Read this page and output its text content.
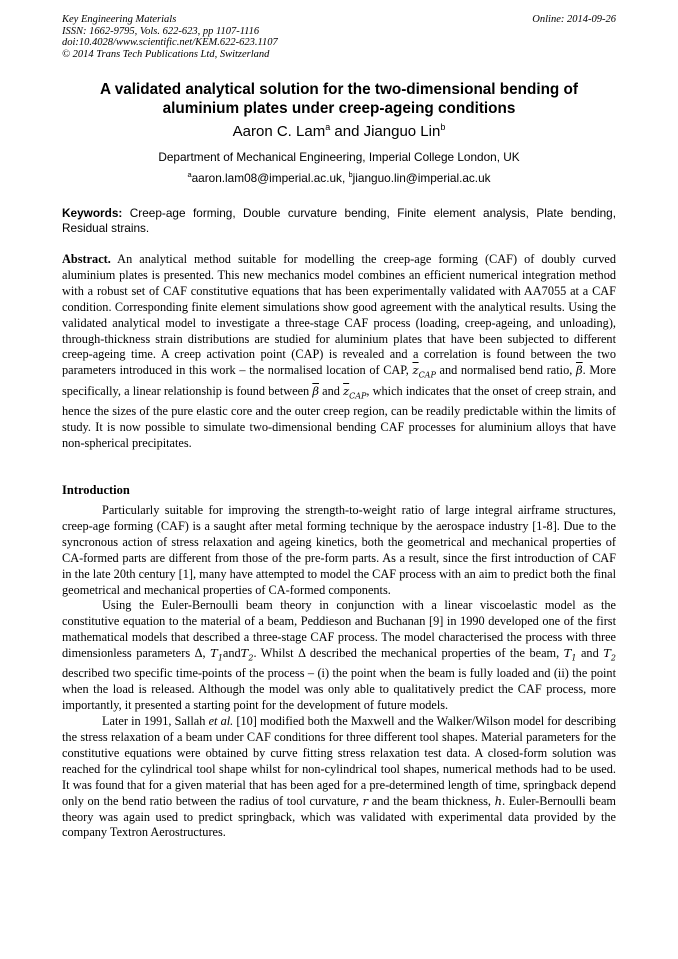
Key Engineering Materials
ISSN: 1662-9795, Vols. 622-623, pp 1107-1116
doi:10.4028/www.scientific.net/KEM.622-623.1107
© 2014 Trans Tech Publications Ltd, Switzerland
Online: 2014-09-26
A validated analytical solution for the two-dimensional bending of aluminium plates under creep-ageing conditions
Aaron C. Lam$^a$ and Jianguo Lin$^b$
Department of Mechanical Engineering, Imperial College London, UK
$^a$aaron.lam08@imperial.ac.uk, $^b$jianguo.lin@imperial.ac.uk
Keywords: Creep-age forming, Double curvature bending, Finite element analysis, Plate bending, Residual strains.
Abstract. An analytical method suitable for modelling the creep-age forming (CAF) of doubly curved aluminium plates is presented. This new mechanics model combines an efficient numerical integration method with a robust set of CAF constitutive equations that has been experimentally validated with AA7055 at a CAF condition. Corresponding finite element simulations show good agreement with the analytical results. Using the validated analytical model to investigate a three-stage CAF process (loading, creep-ageing, and unloading), through-thickness strain distributions are studied for aluminium plates that have been subjected to different creep-ageing time. A creep activation point (CAP) is revealed and a correlation is found between the two parameters introduced in this work – the normalised location of CAP, $\overline{z}_{CAP}$ and normalised bend ratio, $\overline{\beta}$. More specifically, a linear relationship is found between $\overline{\beta}$ and $\overline{z}_{CAP}$, which indicates that the onset of creep strain, and hence the sizes of the pure elastic core and the outer creep region, can be readily predictable within the limits of study. It is now possible to simulate two-dimensional bending CAF processes for aluminium alloys that have non-spherical precipitates.
Introduction

Particularly suitable for improving the strength-to-weight ratio of large integral airframe structures, creep-age forming (CAF) is a saught after metal forming technique by the aerospace industry [1-8]. Due to the syncronous action of stress relaxation and ageing kinetics, both the geometrical and mechanical properties of CA-formed parts are different from those of the pre-form parts. As a result, since the first introduction of CAF in the late 20th century [1], many have attempted to model the CAF process with an aim to predict both the final geometrical and mechanical properties of CA-formed components.

Using the Euler-Bernoulli beam theory in conjunction with a linear viscoelastic model as the constitutive equation to the material of a beam, Peddieson and Buchanan [9] in 1990 developed one of the first mathematical models that described a three-stage CAF process. The model characterised the process with three dimensionless parameters Δ, $T_1andT_2$. Whilst Δ described the mechanical properties of the beam, $T_1$ and $T_2$ described two specific time-points of the process – (i) the point when the beam is fully loaded and (ii) the point when the load is released. Although the model was only able to qualitatively predict the CAF process, more importantly, it presented a starting point for the development of future models.

Later in 1991, Sallah et al. [10] modified both the Maxwell and the Walker/Wilson model for describing the stress relaxation of a beam under CAF conditions for three different tool shapes. Material parameters for the constitutive equations were obtained by curve fitting stress relaxation test data. A closed-form solution was reached for the cylindrical tool shape whilst for non-cylindrical tool shapes, numerical methods had to be used. It was found that for a given material that has been aged for a pre-determined length of time, springback depend only on the bend ratio between the radius of tool curvature, r and the beam thickness, h. Euler-Bernoulli beam theory was again used to predict springback, which was validated with experimental data provided by the company Textron Aerostructures.
